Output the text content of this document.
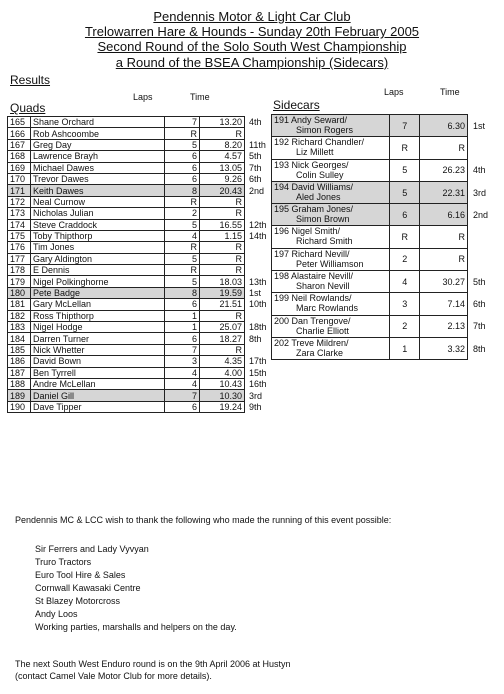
Pendennis Motor & Light Car Club
Trelowarren Hare & Hounds - Sunday 20th February 2005
Second Round of the Solo South West Championship
a Round of the BSEA Championship (Sidecars)
Results
Laps	Time	Laps	Time
Quads	Sidecars
165	Shane Orchard	7	13.20	4th
166	Rob Ashcoombe	R	R	
167	Greg Day	5	8.20	11th
168	Lawrence Brayh	6	4.57	5th
169	Michael Dawes	6	13.05	7th
170	Trevor Dawes	6	9.26	6th
171	Keith Dawes	8	20.43	2nd
172	Neal Curnow	R	R	
173	Nicholas Julian	2	R	
174	Steve Craddock	5	16.55	12th
175	Toby Thipthorp	4	1.15	14th
176	Tim Jones	R	R	
177	Gary Aldington	5	R	
178	E Dennis	R	R	
179	Nigel Polkinghorne	5	18.03	13th
180	Pete Badge	8	19.59	1st
181	Gary McLellan	6	21.51	10th
182	Ross Thipthorp	1	R	
183	Nigel Hodge	1	25.07	18th
184	Darren Turner	6	18.27	8th
185	Nick Whetter	7	R	
186	David Bown	3	4.35	17th
187	Ben Tyrrell	4	4.00	15th
188	Andre McLellan	4	10.43	16th
189	Daniel Gill	7	10.30	3rd
190	Dave Tipper	6	19.24	9th
191 Andy Seward/
Simon Rogers	7	6.30	1st
192 Richard Chandler/
Liz Millett	R	R	
193 Nick Georges/
Colin Sulley	5	26.23	4th
194 David Williams/
Aled Jones	5	22.31	3rd
195 Graham Jones/
Simon Brown	6	6.16	2nd
196 Nigel Smith/
Richard Smith	R	R	
197 Richard Nevill/
Peter Williamson	2	R	
198 Alastaire Nevill/
Sharon Nevill	4	30.27	5th
199 Neil Rowlands/
Marc Rowlands	3	7.14	6th
200 Dan Trengove/
Charlie Elliott	2	2.13	7th
202 Treve Mildren/
Zara Clarke	1	3.32	8th
Pendennis MC & LCC wish to thank the following who made the running of this event possible:
Sir Ferrers and Lady Vyvyan
Truro Tractors
Euro Tool Hire & Sales
Cornwall Kawasaki Centre
St Blazey Motorcross
Andy Loos
Working parties, marshalls and helpers on the day.
The next South West Enduro round is on the 9th April 2006 at Hustyn
(contact Camel Vale Motor Club for more details).
